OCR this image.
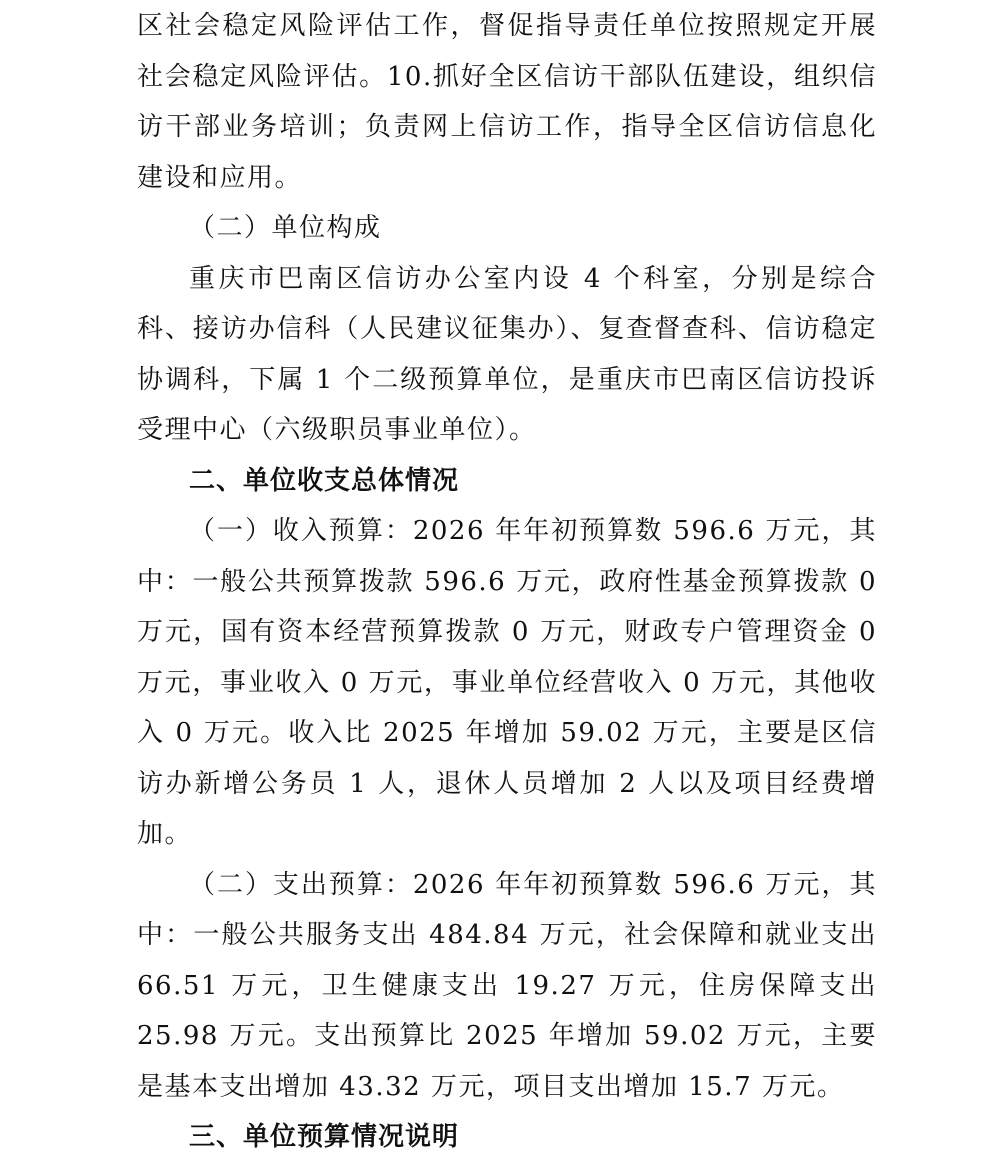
区社会稳定风险评估工作，督促指导责任单位按照规定开展社会稳定风险评估。10.抓好全区信访干部队伍建设，组织信访干部业务培训；负责网上信访工作，指导全区信访信息化建设和应用。

（二）单位构成

重庆市巴南区信访办公室内设 4 个科室，分别是综合科、接访办信科（人民建议征集办）、复查督查科、信访稳定协调科，下属 1 个二级预算单位，是重庆市巴南区信访投诉受理中心（六级职员事业单位）。

二、单位收支总体情况

（一）收入预算：2026 年年初预算数 596.6 万元，其中：一般公共预算拨款 596.6 万元，政府性基金预算拨款 0 万元，国有资本经营预算拨款 0 万元，财政专户管理资金 0 万元，事业收入 0 万元，事业单位经营收入 0 万元，其他收入 0 万元。收入比 2025 年增加 59.02 万元，主要是区信访办新增公务员 1 人，退休人员增加 2 人以及项目经费增加。

（二）支出预算：2026 年年初预算数 596.6 万元，其中：一般公共服务支出 484.84 万元，社会保障和就业支出 66.51 万元，卫生健康支出 19.27 万元，住房保障支出 25.98 万元。支出预算比 2025 年增加 59.02 万元，主要是基本支出增加 43.32 万元，项目支出增加 15.7 万元。

三、单位预算情况说明
